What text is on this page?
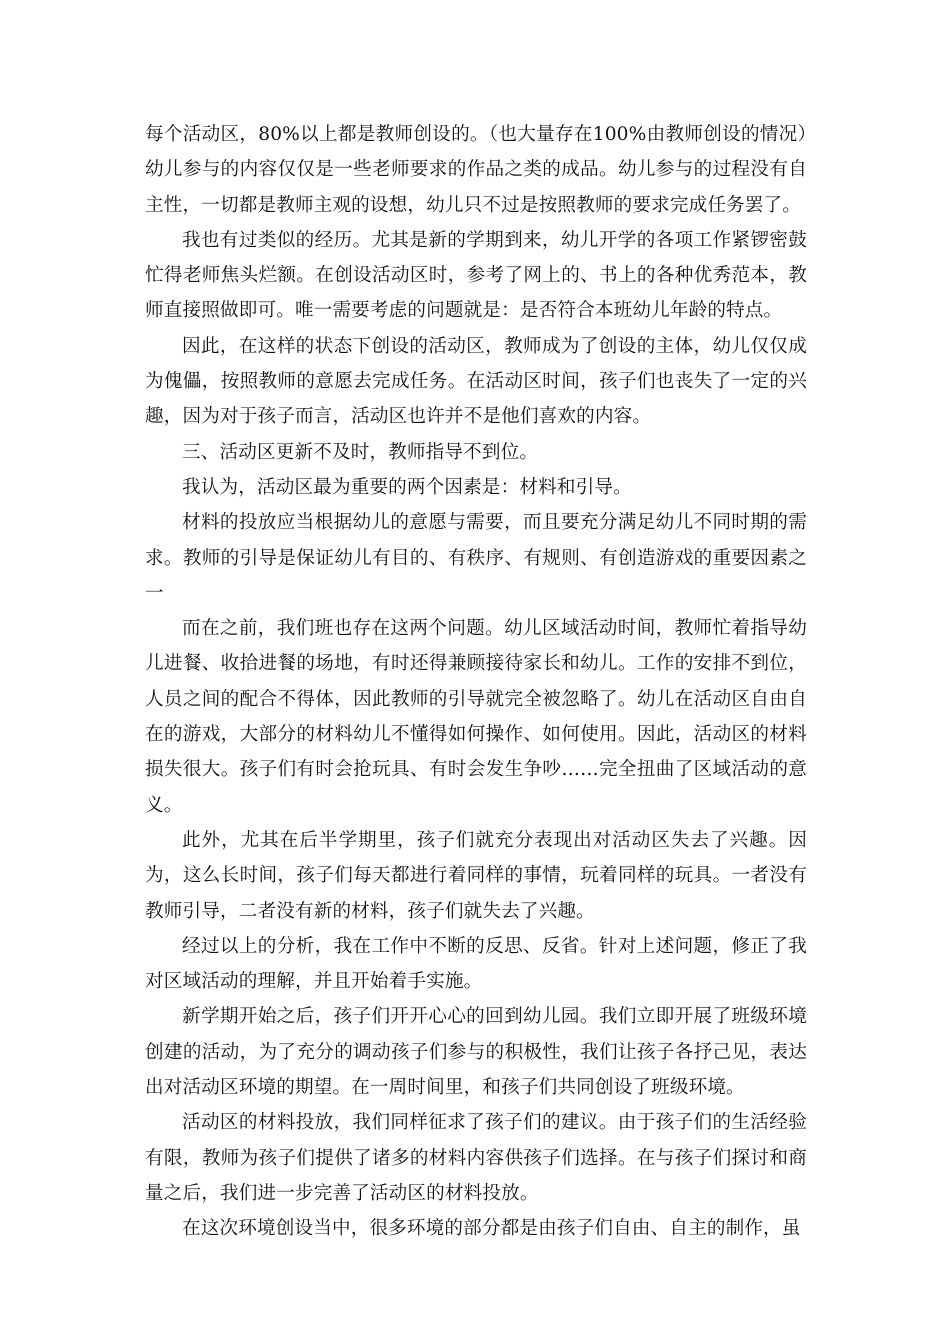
每个活动区，80%以上都是教师创设的。（也大量存在100%由教师创设的情况）幼儿参与的内容仅仅是一些老师要求的作品之类的成品。幼儿参与的过程没有自主性，一切都是教师主观的设想，幼儿只不过是按照教师的要求完成任务罢了。

我也有过类似的经历。尤其是新的学期到来，幼儿开学的各项工作紧锣密鼓忙得老师焦头烂额。在创设活动区时，参考了网上的、书上的各种优秀范本，教师直接照做即可。唯一需要考虑的问题就是：是否符合本班幼儿年龄的特点。

因此，在这样的状态下创设的活动区，教师成为了创设的主体，幼儿仅仅成为傀儡，按照教师的意愿去完成任务。在活动区时间，孩子们也丧失了一定的兴趣，因为对于孩子而言，活动区也许并不是他们喜欢的内容。

三、活动区更新不及时，教师指导不到位。

我认为，活动区最为重要的两个因素是：材料和引导。

材料的投放应当根据幼儿的意愿与需要，而且要充分满足幼儿不同时期的需求。教师的引导是保证幼儿有目的、有秩序、有规则、有创造游戏的重要因素之一

而在之前，我们班也存在这两个问题。幼儿区域活动时间，教师忙着指导幼儿进餐、收拾进餐的场地，有时还得兼顾接待家长和幼儿。工作的安排不到位，人员之间的配合不得体，因此教师的引导就完全被忽略了。幼儿在活动区自由自在的游戏，大部分的材料幼儿不懂得如何操作、如何使用。因此，活动区的材料损失很大。孩子们有时会抢玩具、有时会发生争吵……完全扭曲了区域活动的意义。

此外，尤其在后半学期里，孩子们就充分表现出对活动区失去了兴趣。因为，这么长时间，孩子们每天都进行着同样的事情，玩着同样的玩具。一者没有教师引导，二者没有新的材料，孩子们就失去了兴趣。

经过以上的分析，我在工作中不断的反思、反省。针对上述问题，修正了我对区域活动的理解，并且开始着手实施。

新学期开始之后，孩子们开开心心的回到幼儿园。我们立即开展了班级环境创建的活动，为了充分的调动孩子们参与的积极性，我们让孩子各抒己见，表达出对活动区环境的期望。在一周时间里，和孩子们共同创设了班级环境。

活动区的材料投放，我们同样征求了孩子们的建议。由于孩子们的生活经验有限，教师为孩子们提供了诸多的材料内容供孩子们选择。在与孩子们探讨和商量之后，我们进一步完善了活动区的材料投放。

在这次环境创设当中，很多环境的部分都是由孩子们自由、自主的制作，虽
